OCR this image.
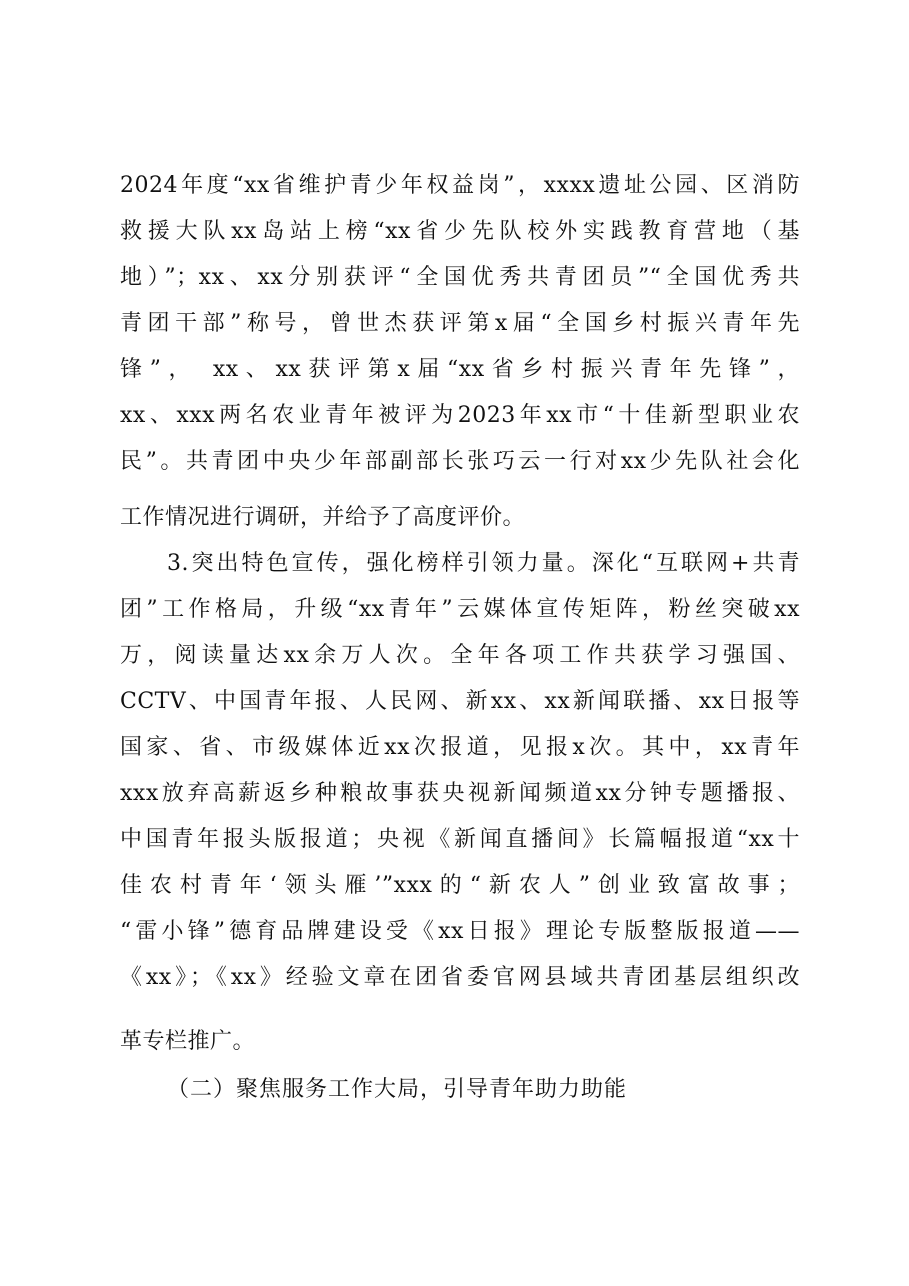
2024年度“xx省维护青少年权益岗”，xxxx遗址公园、区消防
救援大队xx岛站上榜“xx省少先队校外实践教育营地（基
地）”；xx、xx分别获评“全国优秀共青团员”“全国优秀共
青团干部”称号，曾世杰获评第x届“全国乡村振兴青年先
锋”， xx、xx获评第x届“xx省乡村振兴青年先锋”，
xx、xxx两名农业青年被评为2023年xx市“十佳新型职业农
民”。共青团中央少年部副部长张巧云一行对xx少先队社会化
工作情况进行调研，并给予了高度评价。
3.突出特色宣传，强化榜样引领力量。深化“互联网+共青
团”工作格局，升级“xx青年”云媒体宣传矩阵，粉丝突破xx
万，阅读量达xx余万人次。全年各项工作共获学习强国、
CCTV、中国青年报、人民网、新xx、xx新闻联播、xx日报等
国家、省、市级媒体近xx次报道，见报x次。其中，xx青年
xxx放弃高薪返乡种粮故事获央视新闻频道xx分钟专题播报、
中国青年报头版报道；央视《新闻直播间》长篇幅报道“xx十
佳农村青年‘领头雁’”xxx的“新农人”创业致富故事；
“雷小锋”德育品牌建设受《xx日报》理论专版整版报道——
《xx》；《xx》经验文章在团省委官网县域共青团基层组织改
革专栏推广。
（二）聚焦服务工作大局，引导青年助力助能
